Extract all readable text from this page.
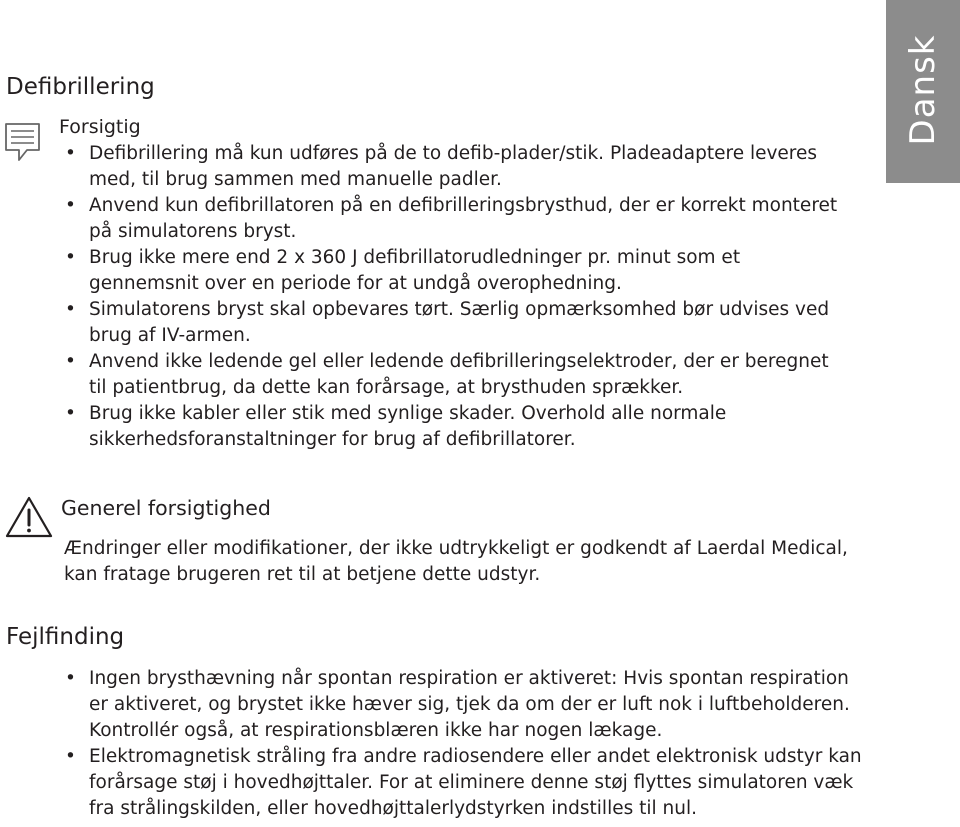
Dansk
Defibrillering
Forsigtig
• Defibrillering må kun udføres på de to defib-plader/stik. Pladeadaptere leveres med, til brug sammen med manuelle padler.
• Anvend kun defibrillatoren på en defibrilleringsbrysthud, der er korrekt monteret på simulatorens bryst.
• Brug ikke mere end 2 x 360 J defibrillatorudledninger pr. minut som et gennemsnit over en periode for at undgå overophedning.
• Simulatorens bryst skal opbevares tørt. Særlig opmærksomhed bør udvises ved brug af IV-armen.
• Anvend ikke ledende gel eller ledende defibrilleringselektroder, der er beregnet til patientbrug, da dette kan forårsage, at brysthuden sprækker.
• Brug ikke kabler eller stik med synlige skader. Overhold alle normale sikkerhedsforanstaltninger for brug af defibrillatorer.
Generel forsigtighed
Ændringer eller modifikationer, der ikke udtrykkeligt er godkendt af Laerdal Medical, kan fratage brugeren ret til at betjene dette udstyr.
Fejlfinding
• Ingen brysthævning når spontan respiration er aktiveret: Hvis spontan respiration er aktiveret, og brystet ikke hæver sig, tjek da om der er luft nok i luftbeholderen. Kontrollér også, at respirationsblæren ikke har nogen lækage.
• Elektromagnetisk stråling fra andre radiosendere eller andet elektronisk udstyr kan forårsage støj i hovedhøjttaler. For at eliminere denne støj flyttes simulatoren væk fra strålingskilden, eller hovedhøjttalerlydstyrken indstilles til nul.
